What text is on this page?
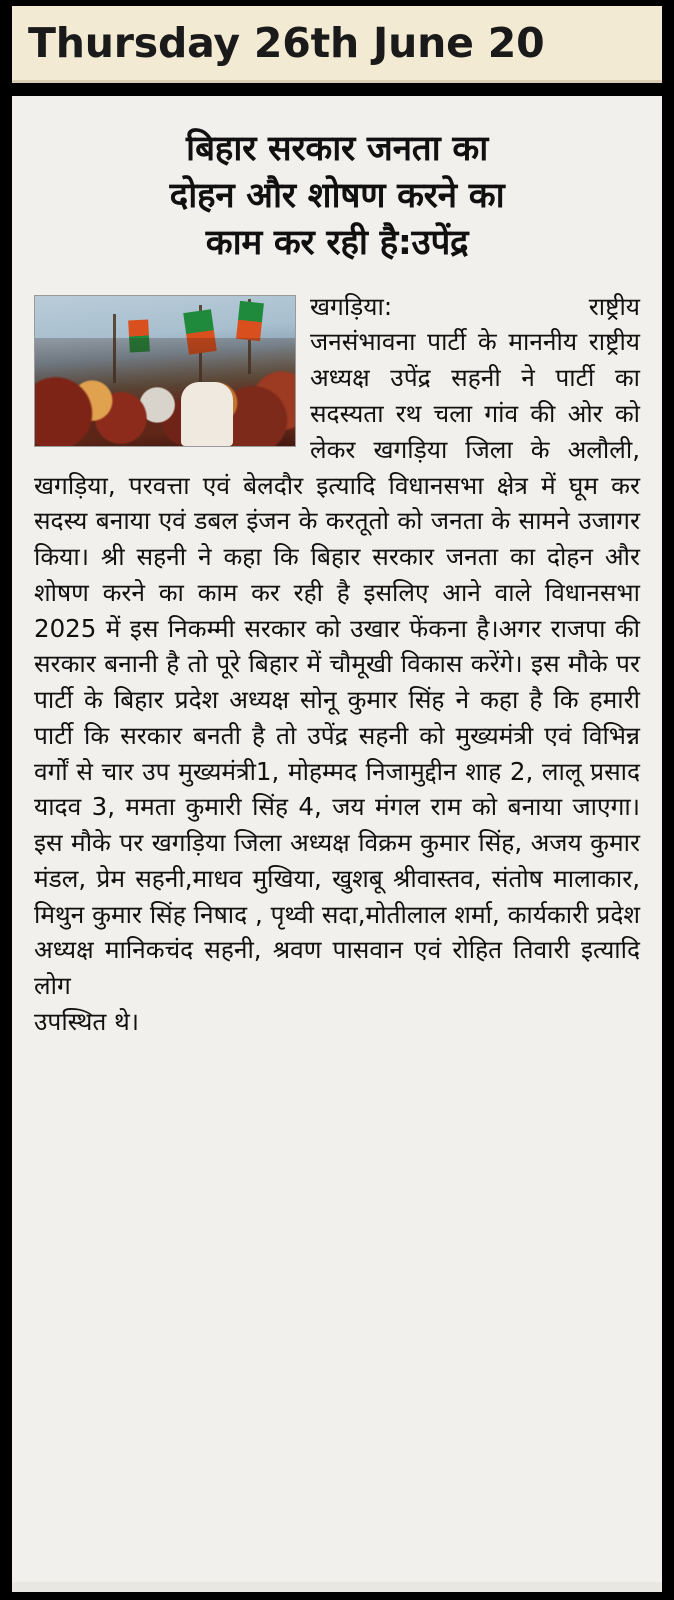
Thursday 26th June 20
बिहार सरकार जनता का
दोहन और शोषण करने का
काम कर रही है:उपेंद्र

खगड़िया:	राष्ट्रीय जनसंभावना पार्टी के माननीय राष्ट्रीय अध्यक्ष उपेंद्र सहनी ने पार्टी का सदस्यता रथ चला गांव की ओर को लेकर खगड़िया जिला के अलौली, खगड़िया, परवत्ता एवं बेलदौर इत्यादि विधानसभा क्षेत्र में घूम कर सदस्य बनाया एवं डबल इंजन के करतूतो को जनता के सामने उजागर किया। श्री सहनी ने कहा कि बिहार सरकार जनता का दोहन और शोषण करने का काम कर रही है इसलिए आने वाले विधानसभा 2025 में इस निकम्मी सरकार को उखार फेंकना है।अगर राजपा की सरकार बनानी है तो पूरे बिहार में चौमूखी विकास करेंगे। इस मौके पर पार्टी के बिहार प्रदेश अध्यक्ष सोनू कुमार सिंह ने कहा है कि हमारी पार्टी कि सरकार बनती है तो उपेंद्र सहनी को मुख्यमंत्री एवं विभिन्न वर्गों से चार उप मुख्यमंत्री1, मोहम्मद निजामुद्दीन शाह 2, लालू प्रसाद यादव 3, ममता कुमारी सिंह 4, जय मंगल राम को बनाया जाएगा। इस मौके पर खगड़िया जिला अध्यक्ष विक्रम कुमार सिंह, अजय कुमार मंडल, प्रेम सहनी,माधव मुखिया, खुशबू श्रीवास्तव, संतोष मालाकार, मिथुन कुमार सिंह निषाद , पृथ्वी सदा,मोतीलाल शर्मा, कार्यकारी प्रदेश अध्यक्ष मानिकचंद सहनी, श्रवण पासवान एवं रोहित तिवारी इत्यादि लोग

उपस्थित थे।
